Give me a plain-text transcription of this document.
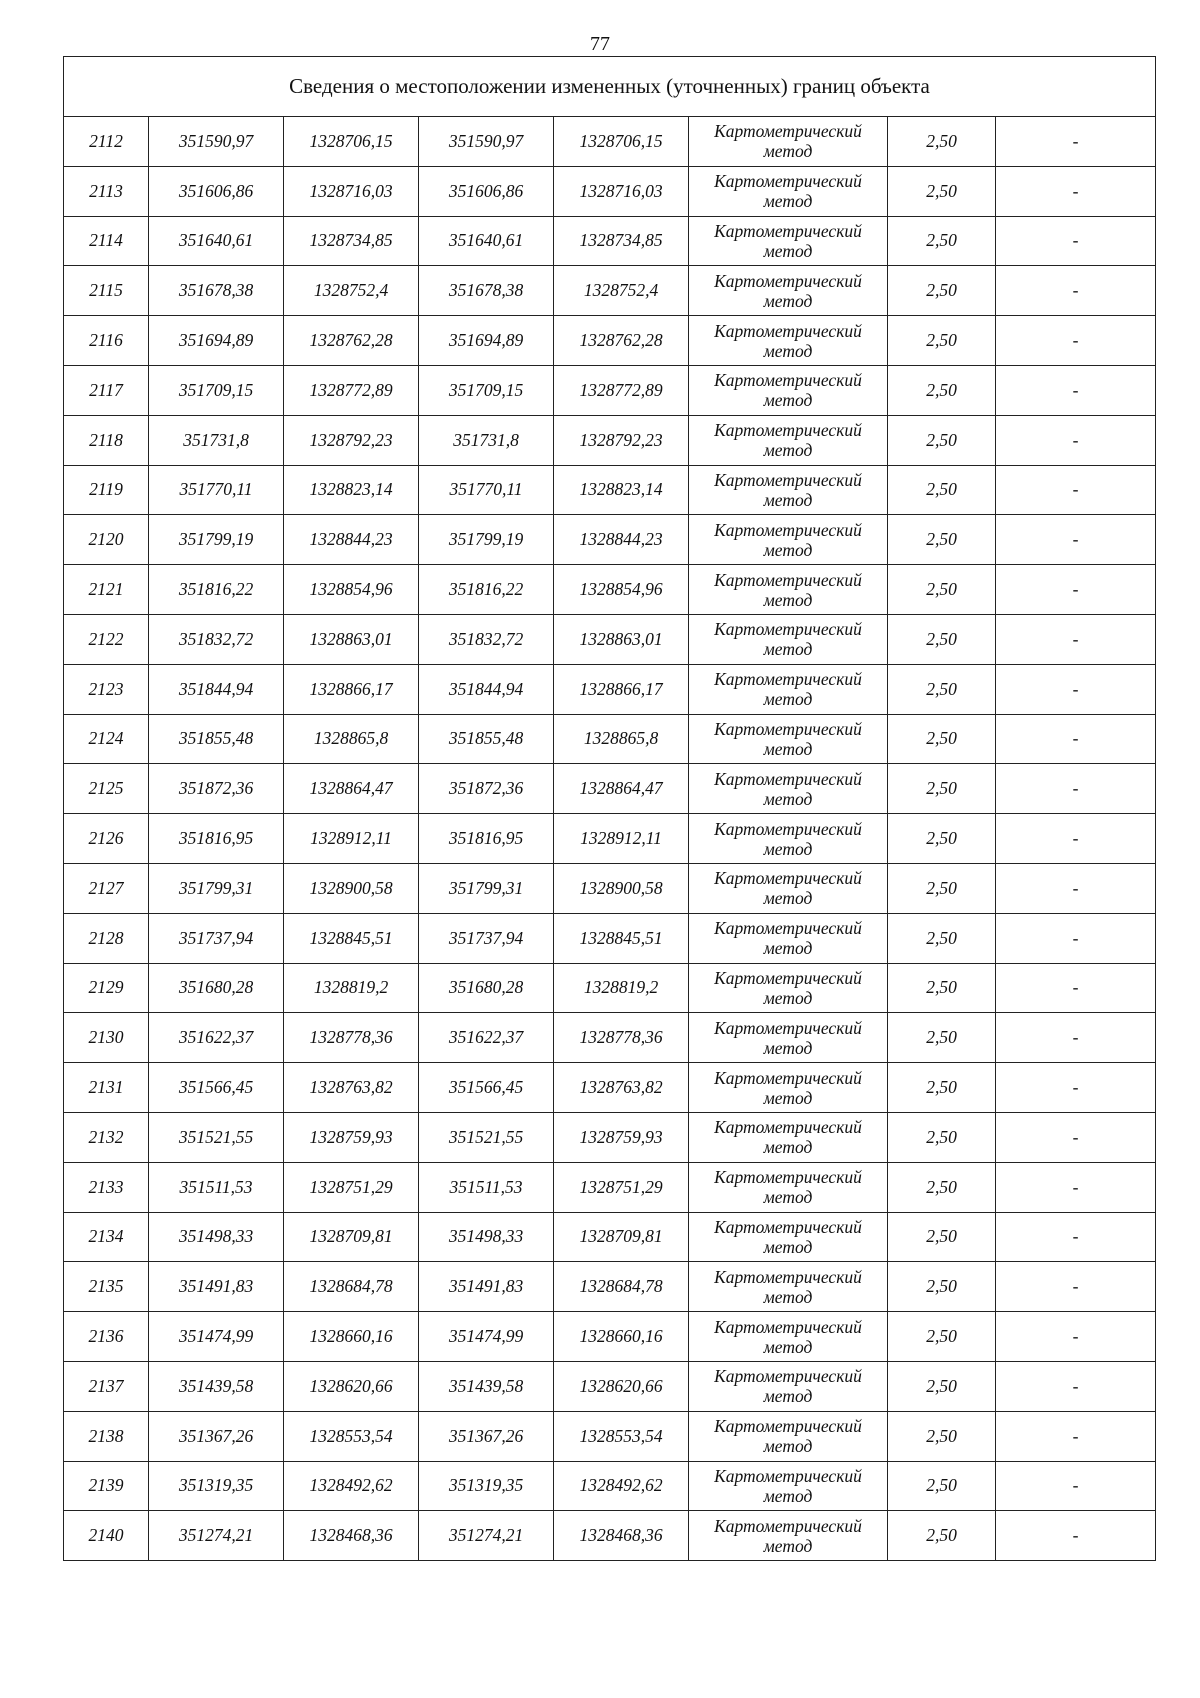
77
Сведения о местоположении измененных (уточненных) границ объекта							
2112	351590,97	1328706,15	351590,97	1328706,15	Картометрический
метод	2,50	-
2113	351606,86	1328716,03	351606,86	1328716,03	Картометрический
метод	2,50	-
2114	351640,61	1328734,85	351640,61	1328734,85	Картометрический
метод	2,50	-
2115	351678,38	1328752,4	351678,38	1328752,4	Картометрический
метод	2,50	-
2116	351694,89	1328762,28	351694,89	1328762,28	Картометрический
метод	2,50	-
2117	351709,15	1328772,89	351709,15	1328772,89	Картометрический
метод	2,50	-
2118	351731,8	1328792,23	351731,8	1328792,23	Картометрический
метод	2,50	-
2119	351770,11	1328823,14	351770,11	1328823,14	Картометрический
метод	2,50	-
2120	351799,19	1328844,23	351799,19	1328844,23	Картометрический
метод	2,50	-
2121	351816,22	1328854,96	351816,22	1328854,96	Картометрический
метод	2,50	-
2122	351832,72	1328863,01	351832,72	1328863,01	Картометрический
метод	2,50	-
2123	351844,94	1328866,17	351844,94	1328866,17	Картометрический
метод	2,50	-
2124	351855,48	1328865,8	351855,48	1328865,8	Картометрический
метод	2,50	-
2125	351872,36	1328864,47	351872,36	1328864,47	Картометрический
метод	2,50	-
2126	351816,95	1328912,11	351816,95	1328912,11	Картометрический
метод	2,50	-
2127	351799,31	1328900,58	351799,31	1328900,58	Картометрический
метод	2,50	-
2128	351737,94	1328845,51	351737,94	1328845,51	Картометрический
метод	2,50	-
2129	351680,28	1328819,2	351680,28	1328819,2	Картометрический
метод	2,50	-
2130	351622,37	1328778,36	351622,37	1328778,36	Картометрический
метод	2,50	-
2131	351566,45	1328763,82	351566,45	1328763,82	Картометрический
метод	2,50	-
2132	351521,55	1328759,93	351521,55	1328759,93	Картометрический
метод	2,50	-
2133	351511,53	1328751,29	351511,53	1328751,29	Картометрический
метод	2,50	-
2134	351498,33	1328709,81	351498,33	1328709,81	Картометрический
метод	2,50	-
2135	351491,83	1328684,78	351491,83	1328684,78	Картометрический
метод	2,50	-
2136	351474,99	1328660,16	351474,99	1328660,16	Картометрический
метод	2,50	-
2137	351439,58	1328620,66	351439,58	1328620,66	Картометрический
метод	2,50	-
2138	351367,26	1328553,54	351367,26	1328553,54	Картометрический
метод	2,50	-
2139	351319,35	1328492,62	351319,35	1328492,62	Картометрический
метод	2,50	-
2140	351274,21	1328468,36	351274,21	1328468,36	Картометрический
метод	2,50	-
